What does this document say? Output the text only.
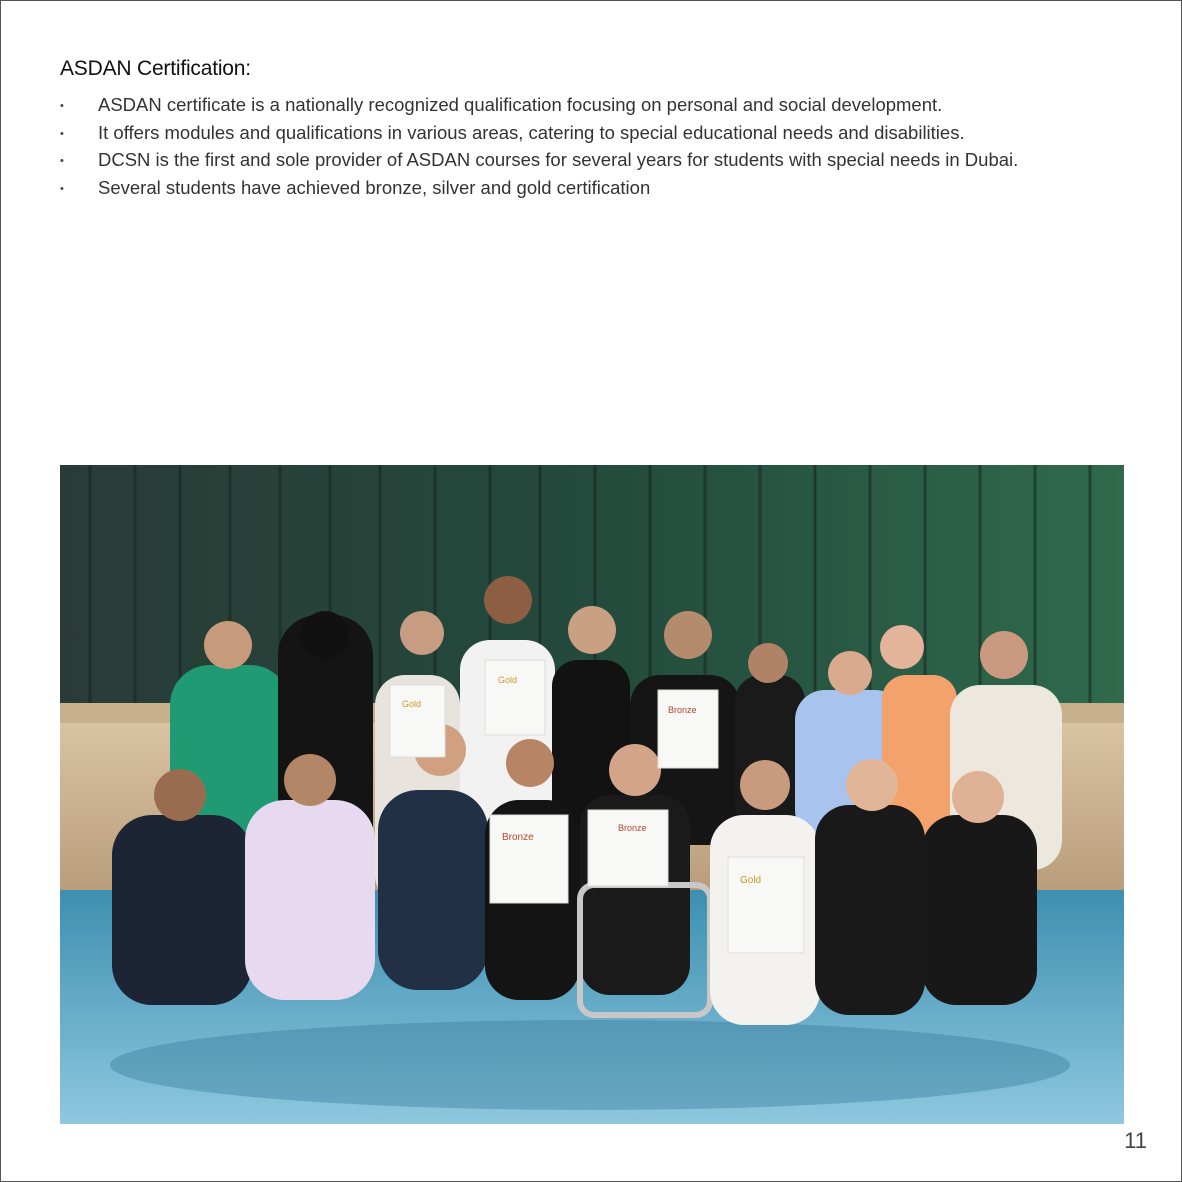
ASDAN Certification:
•	ASDAN certificate is a nationally recognized qualification focusing on personal and social development.
•	It offers modules and qualifications in various areas, catering to special educational needs and disabilities.
•	DCSN is the first and sole provider of ASDAN courses for several years for students with special needs in Dubai.
•	Several students have achieved bronze, silver and gold certification
Gold
Gold
Bronze
Bronze
Bronze
Gold
11
